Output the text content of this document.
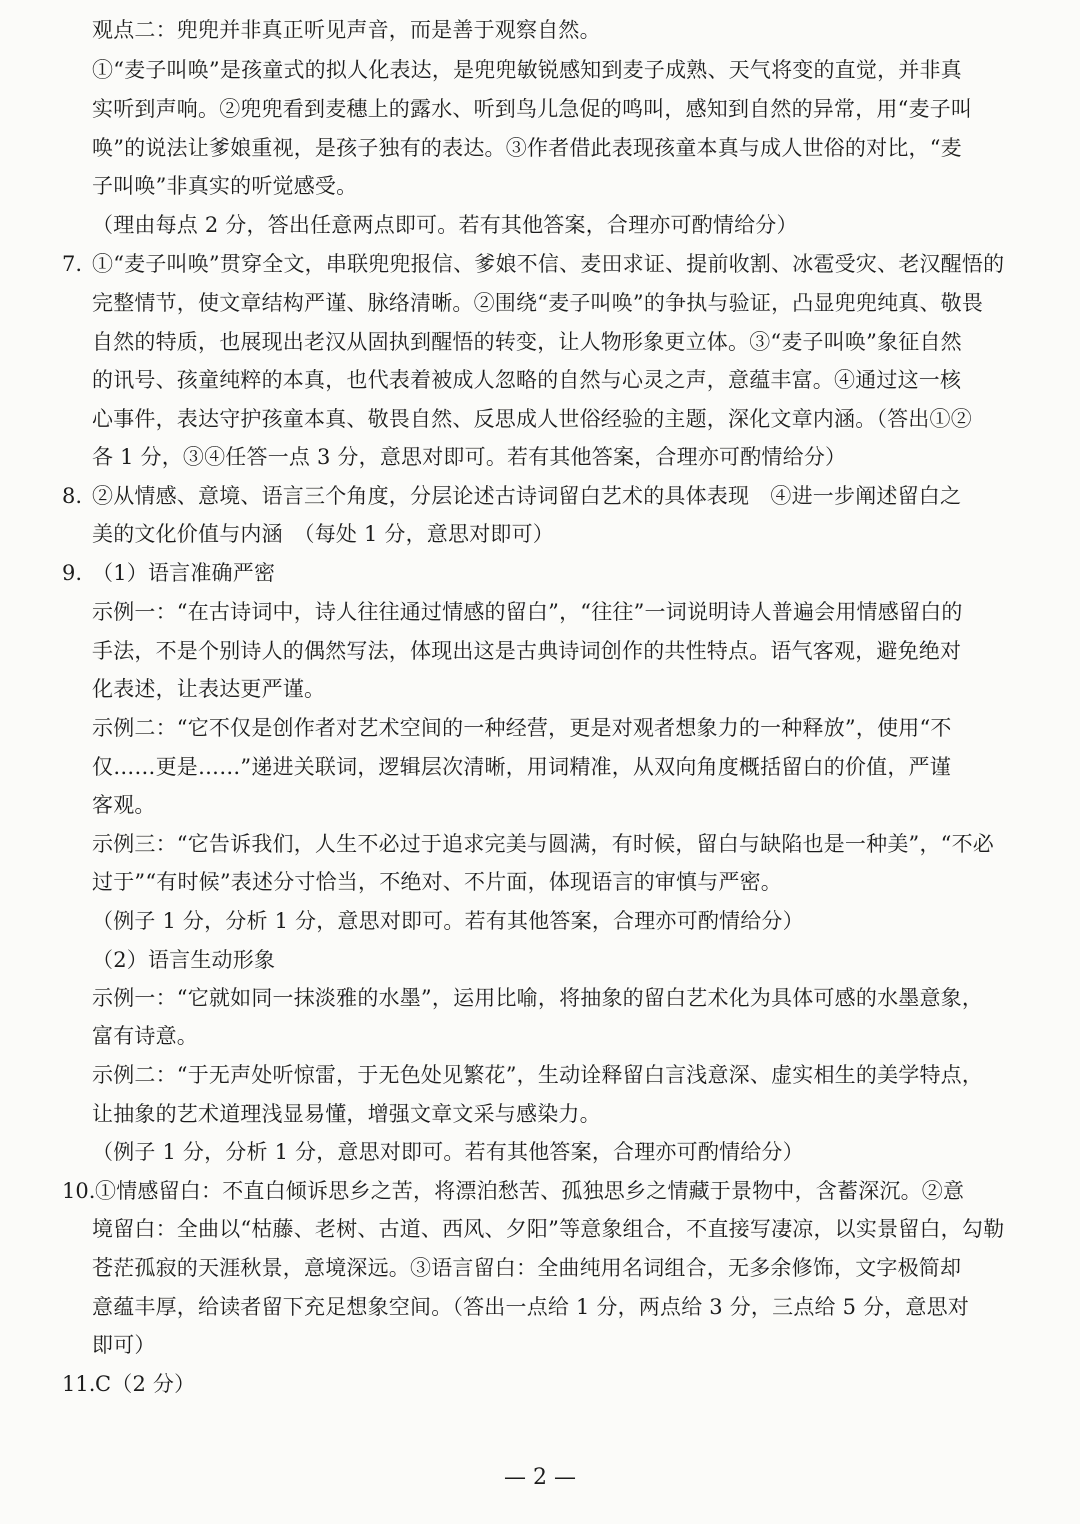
观点二：兜兜并非真正听见声音，而是善于观察自然。
①“麦子叫唤”是孩童式的拟人化表达，是兜兜敏锐感知到麦子成熟、天气将变的直觉，并非真
实听到声响。②兜兜看到麦穗上的露水、听到鸟儿急促的鸣叫，感知到自然的异常，用“麦子叫
唤”的说法让爹娘重视，是孩子独有的表达。③作者借此表现孩童本真与成人世俗的对比，“麦
子叫唤”非真实的听觉感受。
（理由每点 2 分，答出任意两点即可。若有其他答案，合理亦可酌情给分）
7. ①“麦子叫唤”贯穿全文，串联兜兜报信、爹娘不信、麦田求证、提前收割、冰雹受灾、老汉醒悟的
完整情节，使文章结构严谨、脉络清晰。②围绕“麦子叫唤”的争执与验证，凸显兜兜纯真、敬畏
自然的特质，也展现出老汉从固执到醒悟的转变，让人物形象更立体。③“麦子叫唤”象征自然
的讯号、孩童纯粹的本真，也代表着被成人忽略的自然与心灵之声，意蕴丰富。④通过这一核
心事件，表达守护孩童本真、敬畏自然、反思成人世俗经验的主题，深化文章内涵。（答出①②
各 1 分，③④任答一点 3 分，意思对即可。若有其他答案，合理亦可酌情给分）
8. ②从情感、意境、语言三个角度，分层论述古诗词留白艺术的具体表现　④进一步阐述留白之
美的文化价值与内涵　（每处 1 分，意思对即可）
9. （1）语言准确严密
示例一：“在古诗词中，诗人往往通过情感的留白”，“往往”一词说明诗人普遍会用情感留白的
手法，不是个别诗人的偶然写法，体现出这是古典诗词创作的共性特点。语气客观，避免绝对
化表述，让表达更严谨。
示例二：“它不仅是创作者对艺术空间的一种经营，更是对观者想象力的一种释放”，使用“不
仅……更是……”递进关联词，逻辑层次清晰，用词精准，从双向角度概括留白的价值，严谨
客观。
示例三：“它告诉我们，人生不必过于追求完美与圆满，有时候，留白与缺陷也是一种美”，“不必
过于”“有时候”表述分寸恰当，不绝对、不片面，体现语言的审慎与严密。
（例子 1 分，分析 1 分，意思对即可。若有其他答案，合理亦可酌情给分）
（2）语言生动形象
示例一：“它就如同一抹淡雅的水墨”，运用比喻，将抽象的留白艺术化为具体可感的水墨意象，
富有诗意。
示例二：“于无声处听惊雷，于无色处见繁花”，生动诠释留白言浅意深、虚实相生的美学特点，
让抽象的艺术道理浅显易懂，增强文章文采与感染力。
（例子 1 分，分析 1 分，意思对即可。若有其他答案，合理亦可酌情给分）
10. ①情感留白：不直白倾诉思乡之苦，将漂泊愁苦、孤独思乡之情藏于景物中，含蓄深沉。②意
境留白：全曲以“枯藤、老树、古道、西风、夕阳”等意象组合，不直接写凄凉，以实景留白，勾勒
苍茫孤寂的天涯秋景，意境深远。③语言留白：全曲纯用名词组合，无多余修饰，文字极简却
意蕴丰厚，给读者留下充足想象空间。（答出一点给 1 分，两点给 3 分，三点给 5 分，意思对
即可）
11. C（2 分）
— 2 —
